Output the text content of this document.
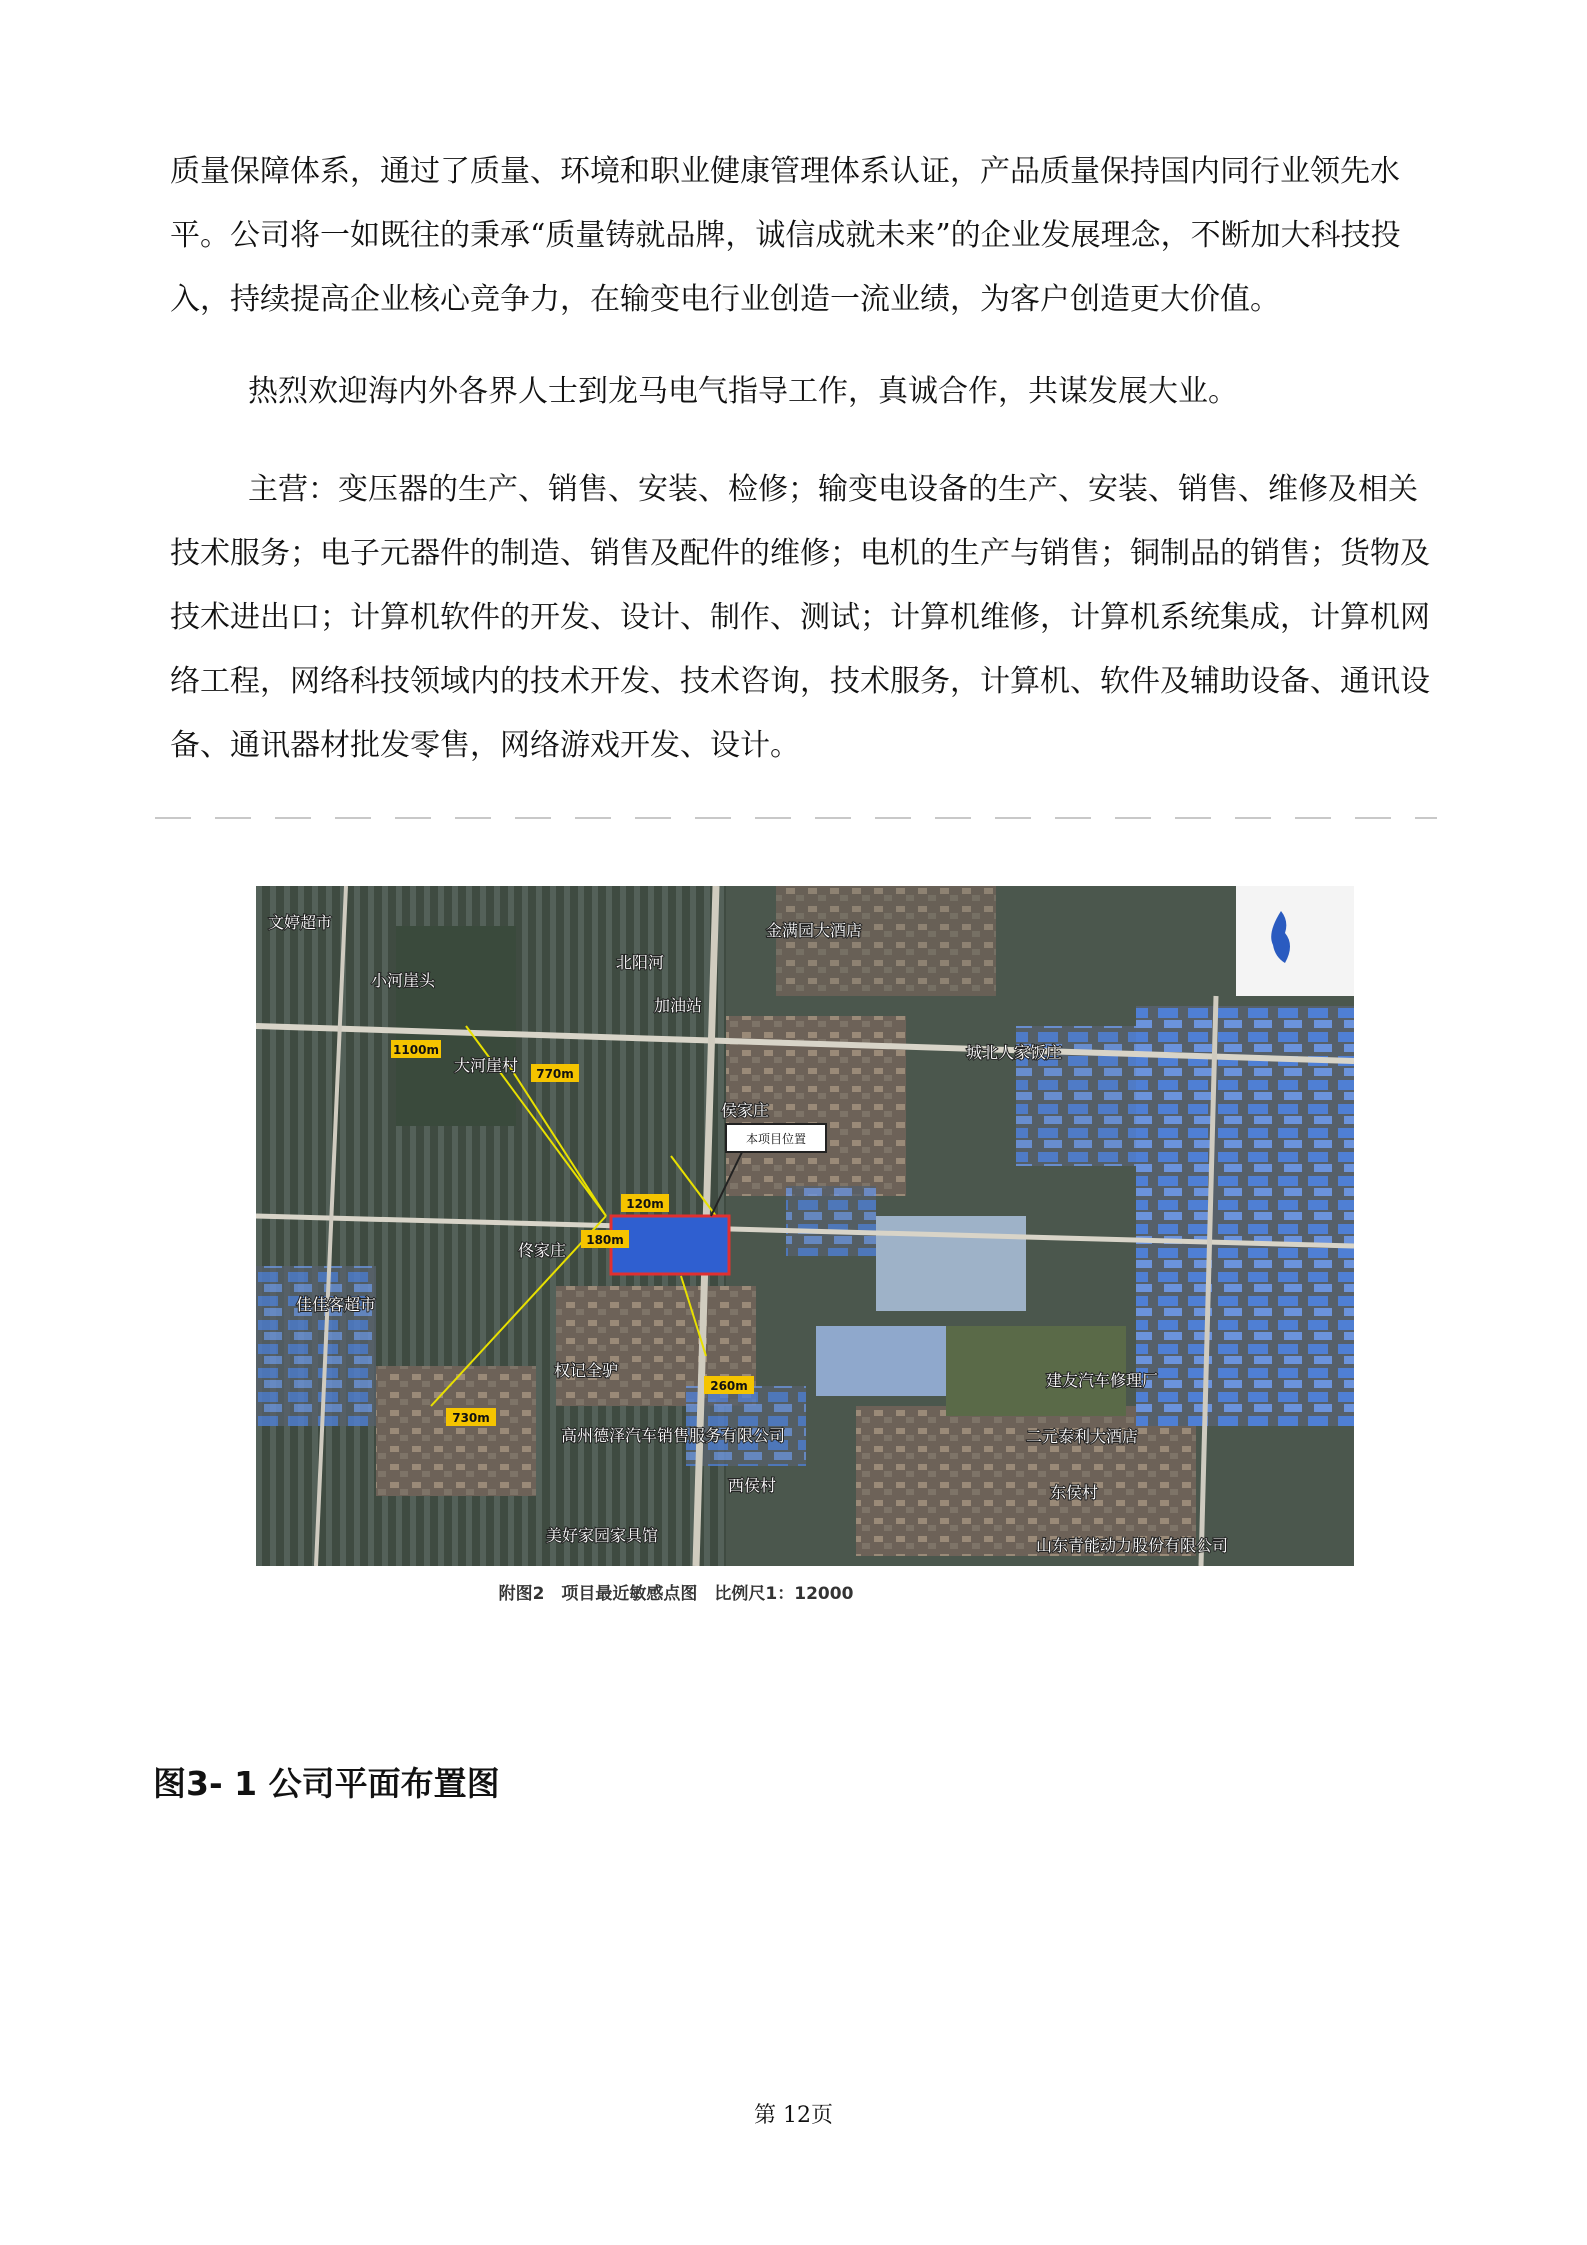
质量保障体系，通过了质量、环境和职业健康管理体系认证，产品质量保持国内同行业领先水平。公司将一如既往的秉承“质量铸就品牌，诚信成就未来”的企业发展理念，不断加大科技投入，持续提高企业核心竞争力，在输变电行业创造一流业绩，为客户创造更大价值。

热烈欢迎海内外各界人士到龙马电气指导工作，真诚合作，共谋发展大业。

主营：变压器的生产、销售、安装、检修；输变电设备的生产、安装、销售、维修及相关技术服务；电子元器件的制造、销售及配件的维修；电机的生产与销售；铜制品的销售；货物及技术进出口；计算机软件的开发、设计、制作、测试；计算机维修，计算机系统集成，计算机网络工程，网络科技领域内的技术开发、技术咨询，技术服务，计算机、软件及辅助设备、通讯设备、通讯器材批发零售，网络游戏开发、设计。

本项目位置
1100m
770m
120m
180m
260m
730m
文婷超市
小河崖头
金满园大酒店
北阳河
加油站
大河崖村
城北人家饭庄
侯家庄
佟家庄
佳佳客超市
权记全驴
建友汽车修理厂
二元泰利大酒店
高州德泽汽车销售服务有限公司
西侯村	东侯村
美好家园家具馆
山东青能动力股份有限公司
附图2　项目最近敏感点图　比例尺1：12000
图3- 1 公司平面布置图
第 12页
